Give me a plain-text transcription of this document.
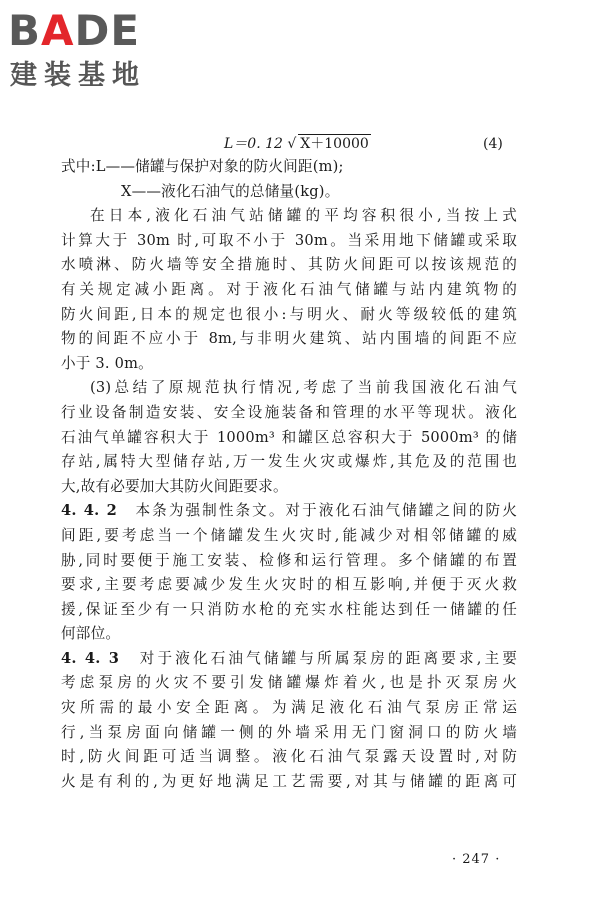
BADE
建装基地
L＝0. 12 √ X＋10000	(4)
式中:L——储罐与保护对象的防火间距(m);
X——液化石油气的总储量(kg)。
在日本,液化石油气站储罐的平均容积很小,当按上式
计算大于 30m 时,可取不小于 30m。当采用地下储罐或采取
水喷淋、防火墙等安全措施时、其防火间距可以按该规范的
有关规定减小距离。对于液化石油气储罐与站内建筑物的
防火间距,日本的规定也很小:与明火、耐火等级较低的建筑
物的间距不应小于 8m,与非明火建筑、站内围墙的间距不应
小于 3. 0m。
(3)总结了原规范执行情况,考虑了当前我国液化石油气
行业设备制造安装、安全设施装备和管理的水平等现状。液化
石油气单罐容积大于 1000m³ 和罐区总容积大于 5000m³ 的储
存站,属特大型储存站,万一发生火灾或爆炸,其危及的范围也
大,故有必要加大其防火间距要求。
4. 4. 2　 本条为强制性条文。对于液化石油气储罐之间的防火
间距,要考虑当一个储罐发生火灾时,能减少对相邻储罐的威
胁,同时要便于施工安装、检修和运行管理。多个储罐的布置
要求,主要考虑要减少发生火灾时的相互影响,并便于灭火救
援,保证至少有一只消防水枪的充实水柱能达到任一储罐的任
何部位。
4. 4. 3　 对于液化石油气储罐与所属泵房的距离要求,主要
考虑泵房的火灾不要引发储罐爆炸着火,也是扑灭泵房火
灾所需的最小安全距离。为满足液化石油气泵房正常运
行,当泵房面向储罐一侧的外墙采用无门窗洞口的防火墙
时,防火间距可适当调整。液化石油气泵露天设置时,对防
火是有利的,为更好地满足工艺需要,对其与储罐的距离可
· 247 ·
